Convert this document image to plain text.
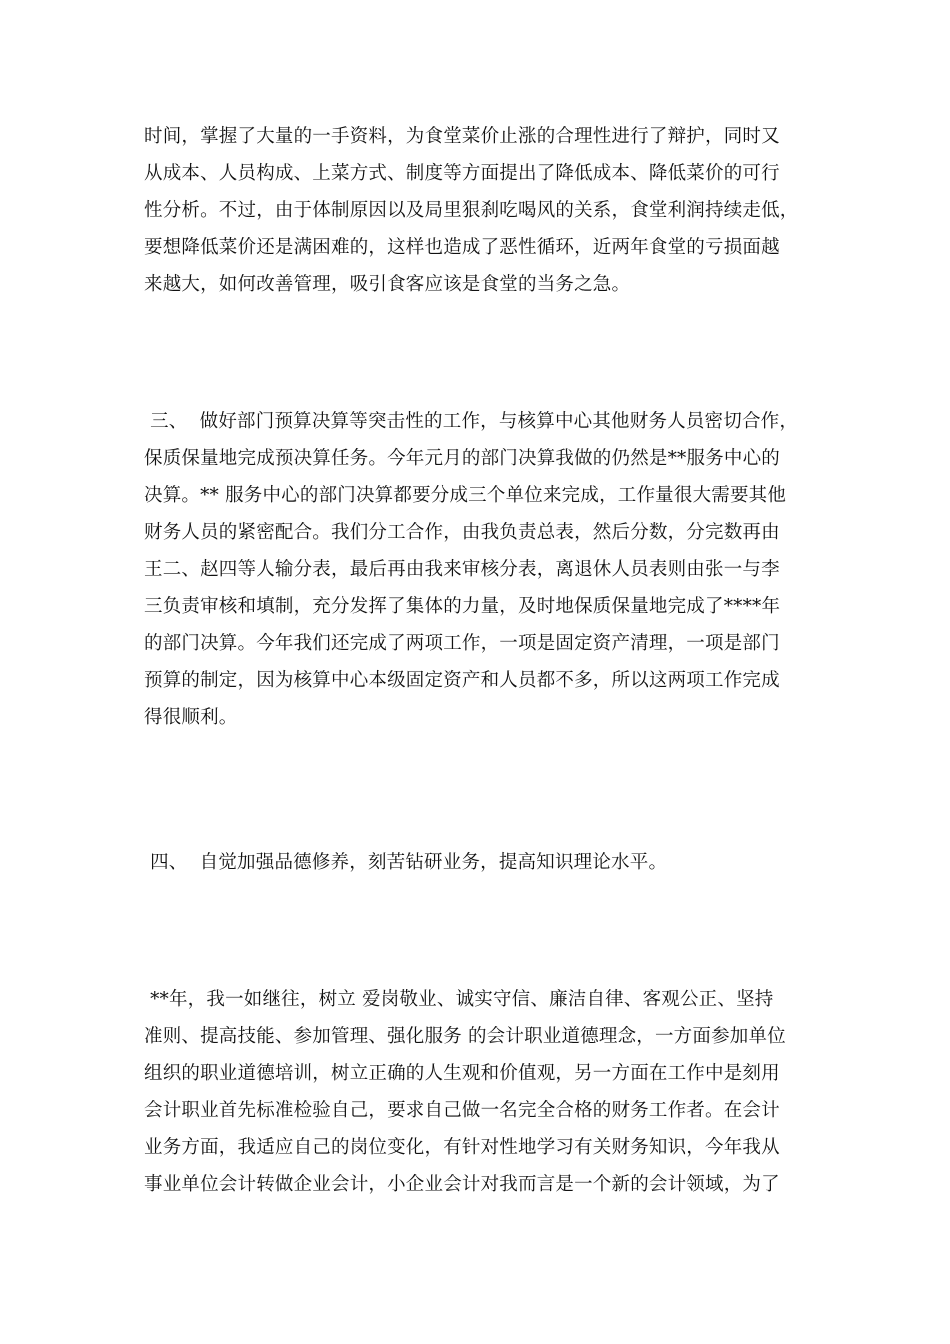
时间，掌握了大量的一手资料，为食堂菜价止涨的合理性进行了辩护，同时又
从成本、人员构成、上菜方式、制度等方面提出了降低成本、降低菜价的可行
性分析。不过，由于体制原因以及局里狠刹吃喝风的关系，食堂利润持续走低，
要想降低菜价还是满困难的，这样也造成了恶性循环，近两年食堂的亏损面越
来越大，如何改善管理，吸引食客应该是食堂的当务之急。
三、  做好部门预算决算等突击性的工作，与核算中心其他财务人员密切合作，
保质保量地完成预决算任务。今年元月的部门决算我做的仍然是**服务中心的
决算。** 服务中心的部门决算都要分成三个单位来完成，工作量很大需要其他
财务人员的紧密配合。我们分工合作，由我负责总表，然后分数，分完数再由
王二、赵四等人输分表，最后再由我来审核分表，离退休人员表则由张一与李
三负责审核和填制，充分发挥了集体的力量，及时地保质保量地完成了****年
的部门决算。今年我们还完成了两项工作，一项是固定资产清理，一项是部门
预算的制定，因为核算中心本级固定资产和人员都不多，所以这两项工作完成
得很顺利。
四、  自觉加强品德修养，刻苦钻研业务，提高知识理论水平。
**年，我一如继往，树立 爱岗敬业、诚实守信、廉洁自律、客观公正、坚持
准则、提高技能、参加管理、强化服务 的会计职业道德理念，一方面参加单位
组织的职业道德培训，树立正确的人生观和价值观，另一方面在工作中是刻用
会计职业首先标准检验自己，要求自己做一名完全合格的财务工作者。在会计
业务方面，我适应自己的岗位变化，有针对性地学习有关财务知识，今年我从
事业单位会计转做企业会计，小企业会计对我而言是一个新的会计领域，为了
